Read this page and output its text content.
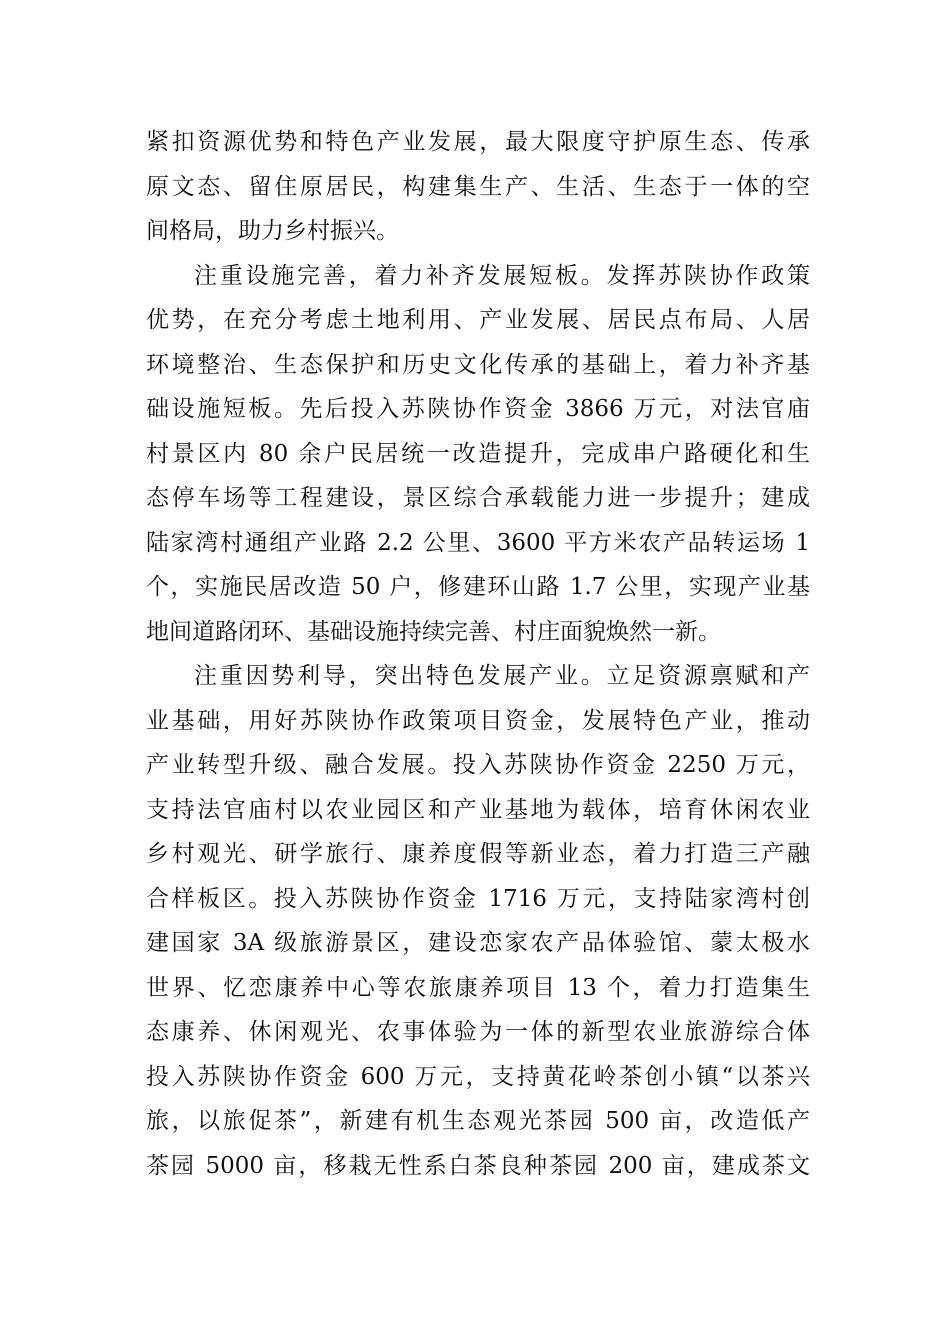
紧扣资源优势和特色产业发展，最大限度守护原生态、传承
原文态、留住原居民，构建集生产、生活、生态于一体的空
间格局，助力乡村振兴。
注重设施完善，着力补齐发展短板。发挥苏陕协作政策
优势，在充分考虑土地利用、产业发展、居民点布局、人居
环境整治、生态保护和历史文化传承的基础上，着力补齐基
础设施短板。先后投入苏陕协作资金 3866 万元，对法官庙
村景区内 80 余户民居统一改造提升，完成串户路硬化和生
态停车场等工程建设，景区综合承载能力进一步提升；建成
陆家湾村通组产业路 2.2 公里、3600 平方米农产品转运场 1
个，实施民居改造 50 户，修建环山路 1.7 公里，实现产业基
地间道路闭环、基础设施持续完善、村庄面貌焕然一新。
注重因势利导，突出特色发展产业。立足资源禀赋和产
业基础，用好苏陕协作政策项目资金，发展特色产业，推动
产业转型升级、融合发展。投入苏陕协作资金 2250 万元，
支持法官庙村以农业园区和产业基地为载体，培育休闲农业
乡村观光、研学旅行、康养度假等新业态，着力打造三产融
合样板区。投入苏陕协作资金 1716 万元，支持陆家湾村创
建国家 3A 级旅游景区，建设恋家农产品体验馆、蒙太极水
世界、忆恋康养中心等农旅康养项目 13 个，着力打造集生
态康养、休闲观光、农事体验为一体的新型农业旅游综合体
投入苏陕协作资金 600 万元，支持黄花岭茶创小镇“以茶兴
旅，以旅促茶”，新建有机生态观光茶园 500 亩，改造低产
茶园 5000 亩，移栽无性系白茶良种茶园 200 亩，建成茶文
